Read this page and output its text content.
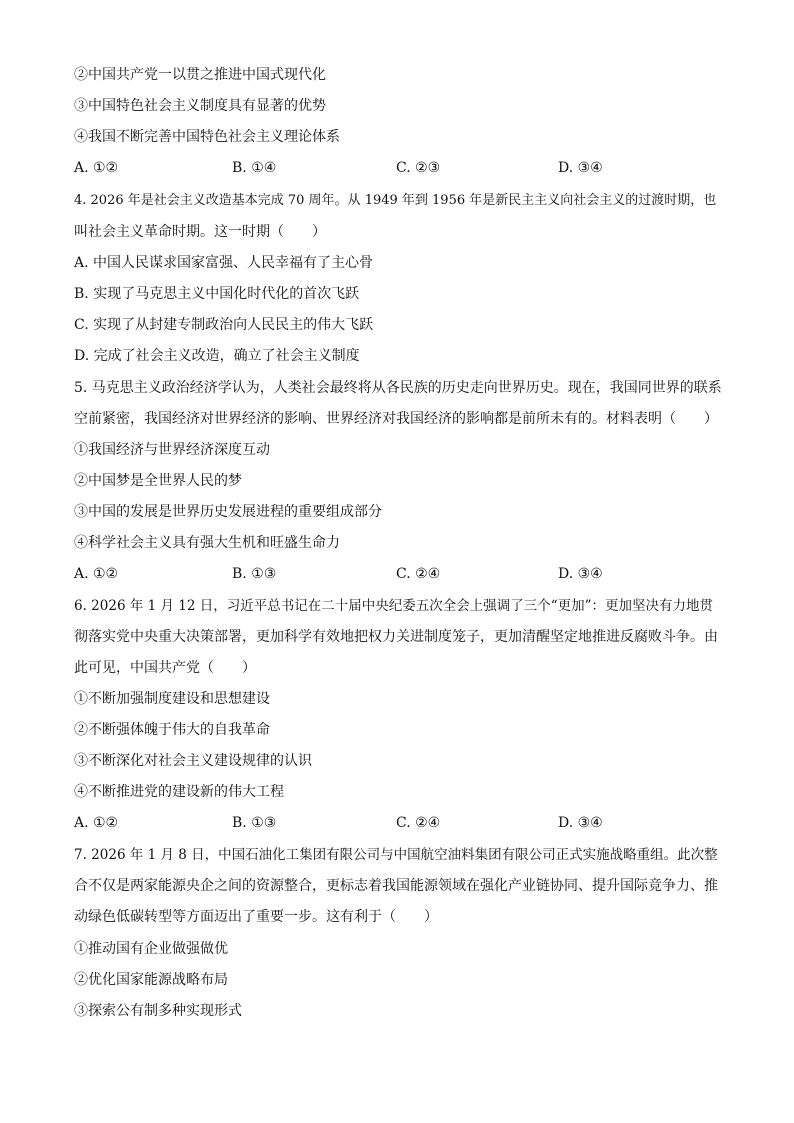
②中国共产党一以贯之推进中国式现代化
③中国特色社会主义制度具有显著的优势
④我国不断完善中国特色社会主义理论体系
A. ①②	B. ①④	C. ②③	D. ③④
4. 2026 年是社会主义改造基本完成 70 周年。从 1949 年到 1956 年是新民主主义向社会主义的过渡时期，也
叫社会主义革命时期。这一时期（　　）
A. 中国人民谋求国家富强、人民幸福有了主心骨
B. 实现了马克思主义中国化时代化的首次飞跃
C. 实现了从封建专制政治向人民民主的伟大飞跃
D. 完成了社会主义改造，确立了社会主义制度
5. 马克思主义政治经济学认为，人类社会最终将从各民族的历史走向世界历史。现在，我国同世界的联系
空前紧密，我国经济对世界经济的影响、世界经济对我国经济的影响都是前所未有的。材料表明（　　）
①我国经济与世界经济深度互动
②中国梦是全世界人民的梦
③中国的发展是世界历史发展进程的重要组成部分
④科学社会主义具有强大生机和旺盛生命力
A. ①②	B. ①③	C. ②④	D. ③④
6. 2026 年 1 月 12 日，习近平总书记在二十届中央纪委五次全会上强调了三个“更加”：更加坚决有力地贯
彻落实党中央重大决策部署，更加科学有效地把权力关进制度笼子，更加清醒坚定地推进反腐败斗争。由
此可见，中国共产党（　　）
①不断加强制度建设和思想建设
②不断强体魄于伟大的自我革命
③不断深化对社会主义建设规律的认识
④不断推进党的建设新的伟大工程
A. ①②	B. ①③	C. ②④	D. ③④
7. 2026 年 1 月 8 日，中国石油化工集团有限公司与中国航空油料集团有限公司正式实施战略重组。此次整
合不仅是两家能源央企之间的资源整合，更标志着我国能源领域在强化产业链协同、提升国际竞争力、推
动绿色低碳转型等方面迈出了重要一步。这有利于（　　）
①推动国有企业做强做优
②优化国家能源战略布局
③探索公有制多种实现形式
